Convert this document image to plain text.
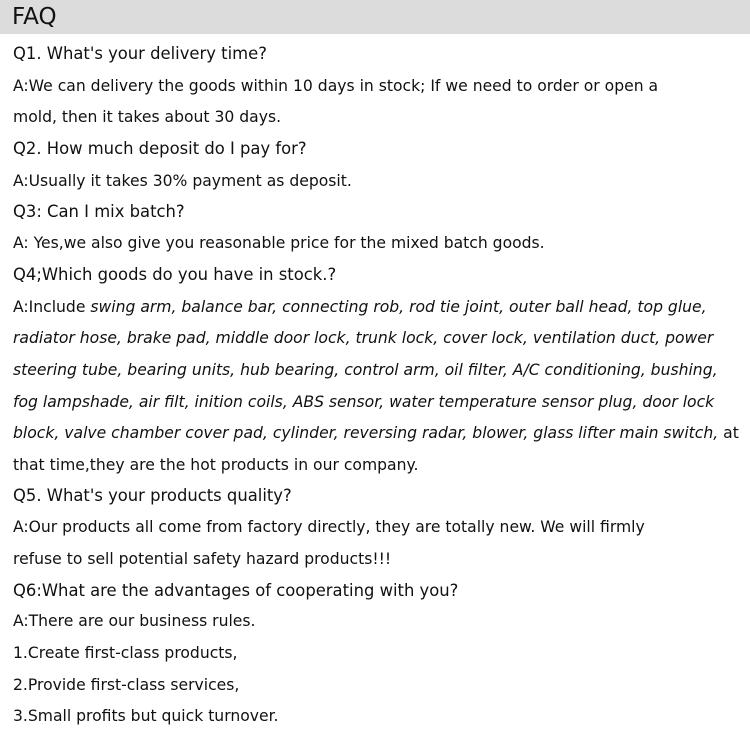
FAQ
Q1. What's your delivery time?
A:We can delivery the goods within 10 days in stock; If we need to order or open a
mold, then it takes about 30 days.
Q2. How much deposit do I pay for?
A:Usually it takes 30% payment as deposit.
Q3: Can I mix batch?
A: Yes,we also give you reasonable price for the mixed batch goods.
Q4;Which goods do you have in stock.?
A:Include swing arm, balance bar, connecting rob, rod tie joint, outer ball head, top glue,
radiator hose, brake pad, middle door lock, trunk lock, cover lock, ventilation duct, power
steering tube, bearing units, hub bearing, control arm, oil filter, A/C conditioning, bushing,
fog lampshade, air filt, inition coils, ABS sensor, water temperature sensor plug, door lock
block, valve chamber cover pad, cylinder, reversing radar, blower, glass lifter main switch, at
that time,they are the hot products in our company.
Q5. What's your products quality?
A:Our products all come from factory directly, they are totally new. We will firmly
refuse to sell potential safety hazard products!!!
Q6:What are the advantages of cooperating with you?
A:There are our business rules.
1.Create first-class products,
2.Provide first-class services,
3.Small profits but quick turnover.
